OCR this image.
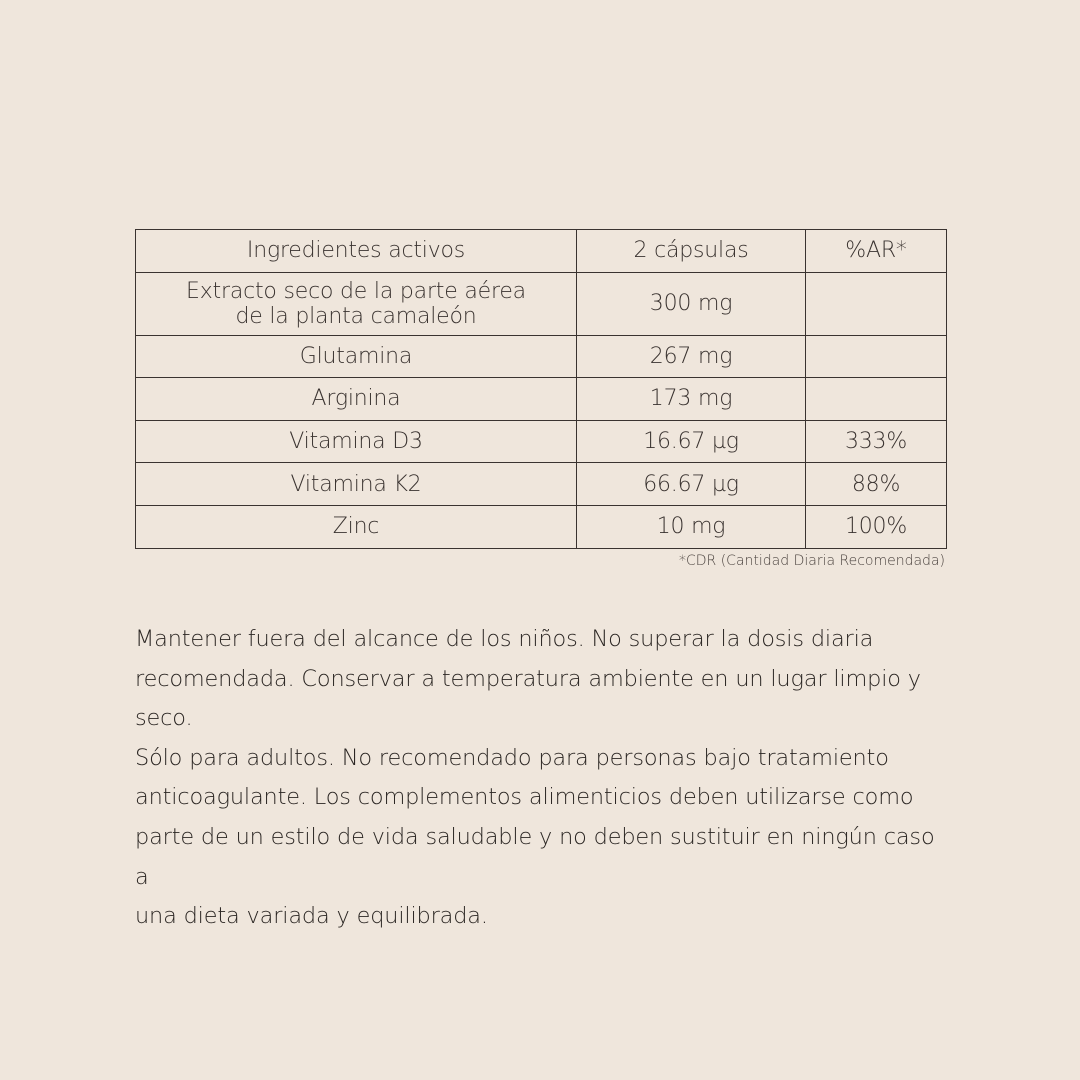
Ingredientes activos	2 cápsulas	%AR*

Extracto seco de la parte aérea
de la planta camaleón	300 mg	
Glutamina	267 mg	
Arginina	173 mg	
Vitamina D3	16.67 µg	333%
Vitamina K2	66.67 µg	88%
Zinc	10 mg	100%
*CDR (Cantidad Diaria Recomendada)

Mantener fuera del alcance de los niños. No superar la dosis diaria
recomendada. Conservar a temperatura ambiente en un lugar limpio y seco.
Sólo para adultos. No recomendado para personas bajo tratamiento
anticoagulante. Los complementos alimenticios deben utilizarse como
parte de un estilo de vida saludable y no deben sustituir en ningún caso a
una dieta variada y equilibrada.
